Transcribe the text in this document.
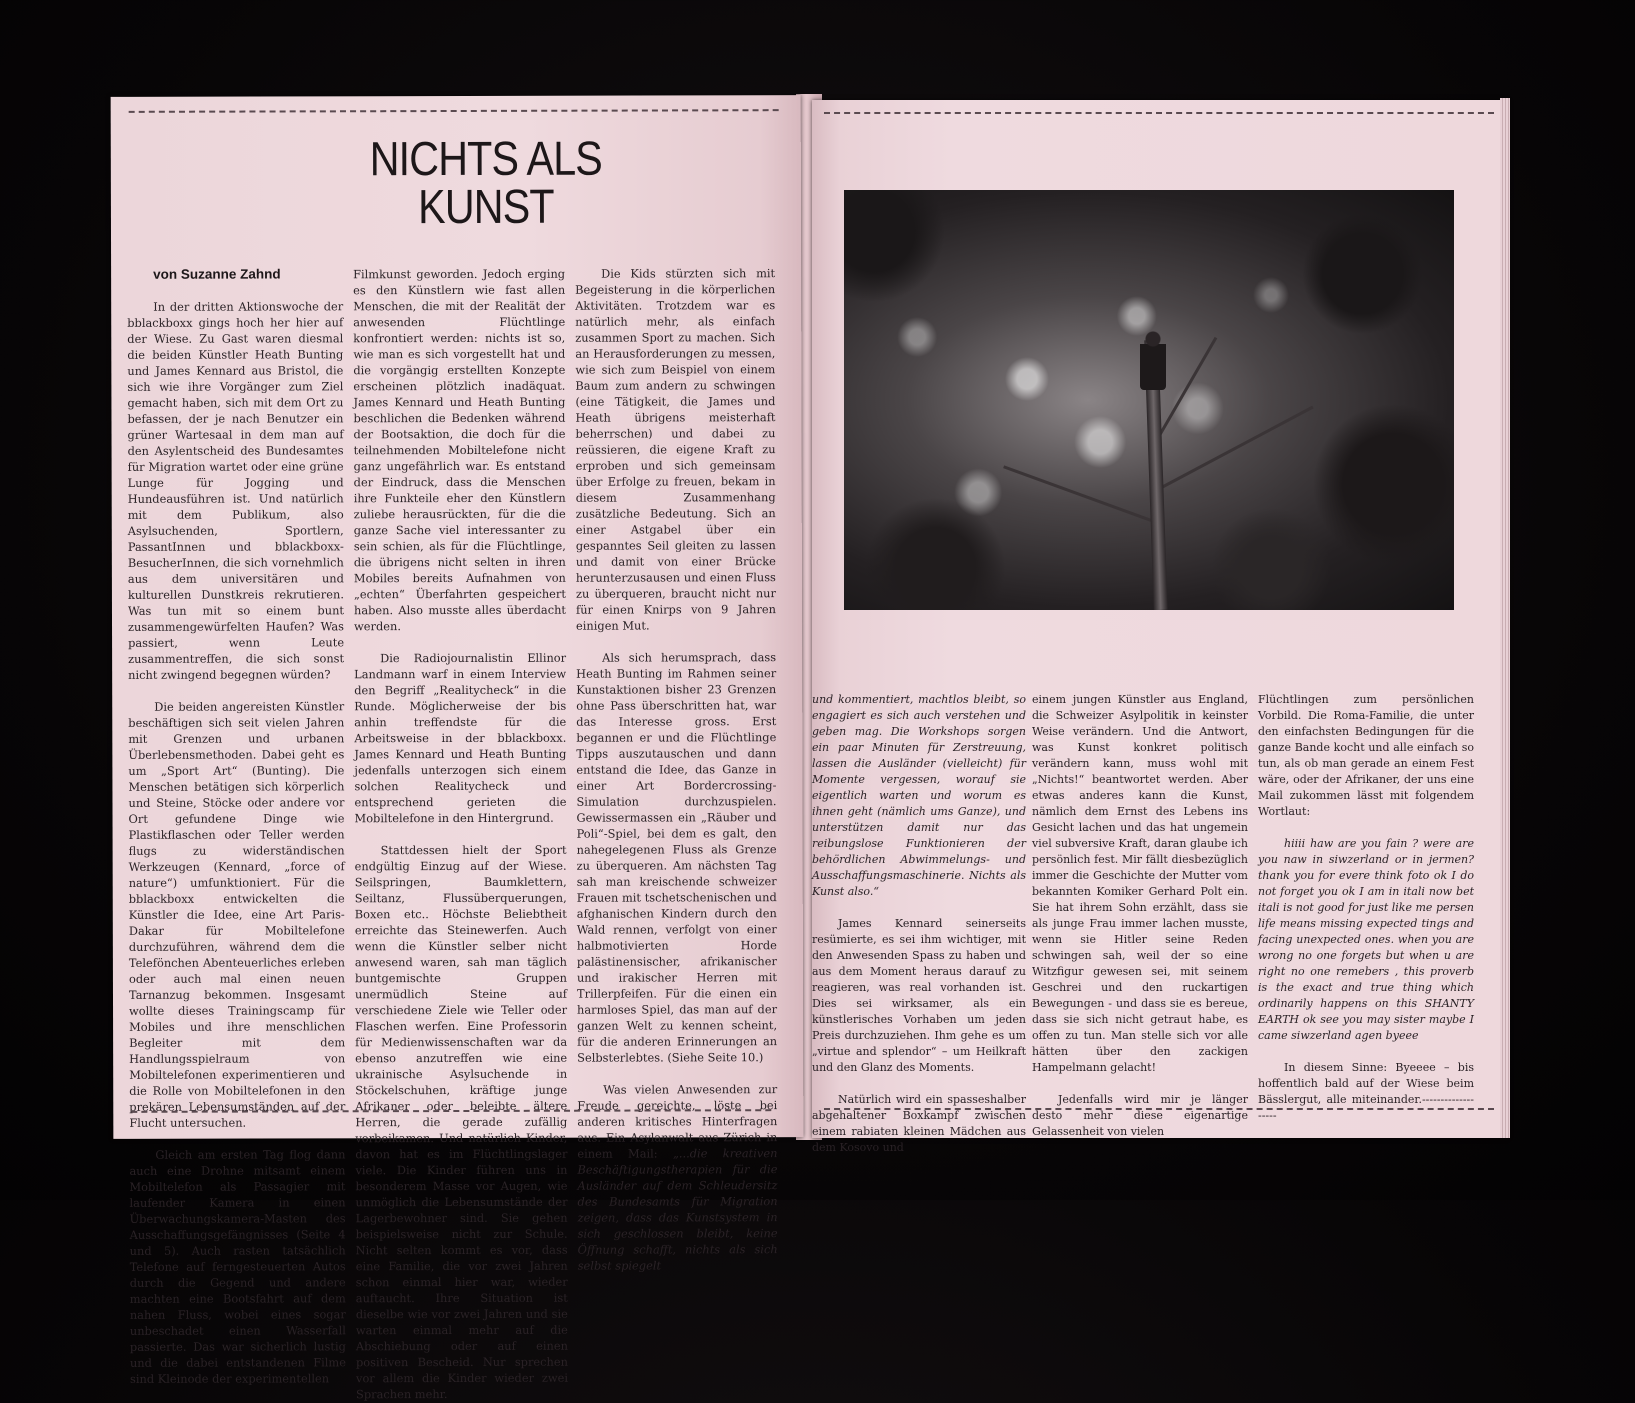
NICHTS ALS
KUNST

von Suzanne Zahnd

In der dritten Aktionswoche der bblackboxx gings hoch her hier auf der Wiese. Zu Gast waren diesmal die beiden Künstler Heath Bunting und James Kennard aus Bristol, die sich wie ihre Vorgänger zum Ziel gemacht haben, sich mit dem Ort zu befassen, der je nach Benutzer ein grüner Wartesaal in dem man auf den Asylentscheid des Bundesamtes für Migration wartet oder eine grüne Lunge für Jogging und Hundeausführen ist. Und natürlich mit dem Publikum, also Asylsuchenden, Sportlern, PassantInnen und bblackboxx-BesucherInnen, die sich vornehmlich aus dem universitären und kulturellen Dunstkreis rekrutieren. Was tun mit so einem bunt zusammengewürfelten Haufen? Was passiert, wenn Leute zusammentreffen, die sich sonst nicht zwingend begegnen würden?

Die beiden angereisten Künstler beschäftigen sich seit vielen Jahren mit Grenzen und urbanen Überlebensmethoden. Dabei geht es um „Sport Art“ (Bunting). Die Menschen betätigen sich körperlich und Steine, Stöcke oder andere vor Ort gefundene Dinge wie Plastikflaschen oder Teller werden flugs zu widerständischen Werkzeugen (Kennard, „force of nature“) umfunktioniert. Für die bblackboxx entwickelten die Künstler die Idee, eine Art Paris-Dakar für Mobiltelefone durchzuführen, während dem die Telefönchen Abenteuerliches erleben oder auch mal einen neuen Tarnanzug bekommen. Insgesamt wollte dieses Trainingscamp für Mobiles und ihre menschlichen Begleiter mit dem Handlungsspielraum von Mobiltelefonen experimentieren und die Rolle von Mobiltelefonen in den prekären Lebensumständen auf der Flucht untersuchen.

Gleich am ersten Tag flog dann auch eine Drohne mitsamt einem Mobiltelefon als Passagier mit laufender Kamera in einen Überwachungskamera-Masten des Ausschaffungsgefängnisses (Seite 4 und 5). Auch rasten tatsächlich Telefone auf ferngesteuerten Autos durch die Gegend und andere machten eine Bootsfahrt auf dem nahen Fluss, wobei eines sogar unbeschadet einen Wasserfall passierte. Das war sicherlich lustig und die dabei entstandenen Filme sind Kleinode der experimentellen

Filmkunst geworden. Jedoch erging es den Künstlern wie fast allen Menschen, die mit der Realität der anwesenden Flüchtlinge konfrontiert werden: nichts ist so, wie man es sich vorgestellt hat und die vorgängig erstellten Konzepte erscheinen plötzlich inadäquat. James Kennard und Heath Bunting beschlichen die Bedenken während der Bootsaktion, die doch für die teilnehmenden Mobiltelefone nicht ganz ungefährlich war. Es entstand der Eindruck, dass die Menschen ihre Funkteile eher den Künstlern zuliebe herausrückten, für die die ganze Sache viel interessanter zu sein schien, als für die Flüchtlinge, die übrigens nicht selten in ihren Mobiles bereits Aufnahmen von „echten“ Überfahrten gespeichert haben. Also musste alles überdacht werden.

Die Radiojournalistin Ellinor Landmann warf in einem Interview den Begriff „Realitycheck“ in die Runde. Möglicherweise der bis anhin treffendste für die Arbeitsweise in der bblackboxx. James Kennard und Heath Bunting jedenfalls unterzogen sich einem solchen Realitycheck und entsprechend gerieten die Mobiltelefone in den Hintergrund.

Stattdessen hielt der Sport endgültig Einzug auf der Wiese. Seilspringen, Baumklettern, Seiltanz, Flussüberquerungen, Boxen etc.. Höchste Beliebtheit erreichte das Steinewerfen. Auch wenn die Künstler selber nicht anwesend waren, sah man täglich buntgemischte Gruppen unermüdlich Steine auf verschiedene Ziele wie Teller oder Flaschen werfen. Eine Professorin für Medienwissenschaften war da ebenso anzutreffen wie eine ukrainische Asylsuchende in Stöckelschuhen, kräftige junge Afrikaner oder beleibte ältere Herren, die gerade zufällig vorbeikamen. Und natürlich Kinder, davon hat es im Flüchtlingslager viele. Die Kinder führen uns in besonderem Masse vor Augen, wie unmöglich die Lebensumstände der Lagerbewohner sind. Sie gehen beispielsweise nicht zur Schule. Nicht selten kommt es vor, dass eine Familie, die vor zwei Jahren schon einmal hier war, wieder auftaucht. Ihre Situation ist dieselbe wie vor zwei Jahren und sie warten einmal mehr auf die Abschiebung oder auf einen positiven Bescheid. Nur sprechen vor allem die Kinder wieder zwei Sprachen mehr.

Die Kids stürzten sich mit Begeisterung in die körperlichen Aktivitäten. Trotzdem war es natürlich mehr, als einfach zusammen Sport zu machen. Sich an Herausforderungen zu messen, wie sich zum Beispiel von einem Baum zum andern zu schwingen (eine Tätigkeit, die James und Heath übrigens meisterhaft beherrschen) und dabei zu reüssieren, die eigene Kraft zu erproben und sich gemeinsam über Erfolge zu freuen, bekam in diesem Zusammenhang zusätzliche Bedeutung. Sich an einer Astgabel über ein gespanntes Seil gleiten zu lassen und damit von einer Brücke herunterzusausen und einen Fluss zu überqueren, braucht nicht nur für einen Knirps von 9 Jahren einigen Mut.

Als sich herumsprach, dass Heath Bunting im Rahmen seiner Kunstaktionen bisher 23 Grenzen ohne Pass überschritten hat, war das Interesse gross. Erst begannen er und die Flüchtlinge Tipps auszutauschen und dann entstand die Idee, das Ganze in einer Art Bordercrossing-Simulation durchzuspielen. Gewissermassen ein „Räuber und Poli“-Spiel, bei dem es galt, den nahegelegenen Fluss als Grenze zu überqueren. Am nächsten Tag sah man kreischende schweizer Frauen mit tschetschenischen und afghanischen Kindern durch den Wald rennen, verfolgt von einer halbmotivierten Horde palästinensischer, afrikanischer und irakischer Herren mit Trillerpfeifen. Für die einen ein harmloses Spiel, das man auf der ganzen Welt zu kennen scheint, für die anderen Erinnerungen an Selbsterlebtes. (Siehe Seite 10.)

Was vielen Anwesenden zur Freude gereichte, löste bei anderen kritisches Hinterfragen aus. Ein Asylanwalt aus Zürich in einem Mail: „...die kreativen Beschäftigungstherapien für die Ausländer auf dem Schleudersitz des Bundesamts für Migration zeigen, dass das Kunstsystem in sich geschlossen bleibt, keine Öffnung schafft, nichts als sich selbst spiegelt

und kommentiert, machtlos bleibt, so engagiert es sich auch verstehen und geben mag. Die Workshops sorgen ein paar Minuten für Zerstreuung, lassen die Ausländer (vielleicht) für Momente vergessen, worauf sie eigentlich warten und worum es ihnen geht (nämlich ums Ganze), und unterstützen damit nur das reibungslose Funktionieren der behördlichen Abwimmelungs- und Ausschaffungsmaschinerie. Nichts als Kunst also.“

James Kennard seinerseits resümierte, es sei ihm wichtiger, mit den Anwesenden Spass zu haben und aus dem Moment heraus darauf zu reagieren, was real vorhanden ist. Dies sei wirksamer, als ein künstlerisches Vorhaben um jeden Preis durchzuziehen. Ihm gehe es um „virtue and splendor“ – um Heilkraft und den Glanz des Moments.

Natürlich wird ein spasseshalber abgehaltener Boxkampf zwischen einem rabiaten kleinen Mädchen aus dem Kosovo und

einem jungen Künstler aus England, die Schweizer Asylpolitik in keinster Weise verändern. Und die Antwort, was Kunst konkret politisch verändern kann, muss wohl mit „Nichts!“ beantwortet werden. Aber etwas anderes kann die Kunst, nämlich dem Ernst des Lebens ins Gesicht lachen und das hat ungemein viel subversive Kraft, daran glaube ich persönlich fest. Mir fällt diesbezüglich immer die Geschichte der Mutter vom bekannten Komiker Gerhard Polt ein. Sie hat ihrem Sohn erzählt, dass sie als junge Frau immer lachen musste, wenn sie Hitler seine Reden schwingen sah, weil der so eine Witzfigur gewesen sei, mit seinem Geschrei und den ruckartigen Bewegungen - und dass sie es bereue, dass sie sich nicht getraut habe, es offen zu tun. Man stelle sich vor alle hätten über den zackigen Hampelmann gelacht!

Jedenfalls wird mir je länger desto mehr diese eigenartige Gelassenheit von vielen

Flüchtlingen zum persönlichen Vorbild. Die Roma-Familie, die unter den einfachsten Bedingungen für die ganze Bande kocht und alle einfach so tun, als ob man gerade an einem Fest wäre, oder der Afrikaner, der uns eine Mail zukommen lässt mit folgendem Wortlaut:

hiiii haw are you fain ? were are you naw in siwzerland or in jermen? thank you for evere think foto ok I do not forget you ok I am in itali now bet itali is not good for just like me persen life means missing expected tings and facing unexpected ones. when you are wrong no one forgets but when u are right no one remebers , this proverb is the exact and true thing which ordinarily happens on this SHANTY EARTH ok see you may sister maybe I came siwzerland agen byeee

In diesem Sinne: Byeeee – bis hoffentlich bald auf der Wiese beim Bässlergut, alle miteinander.-------------------
